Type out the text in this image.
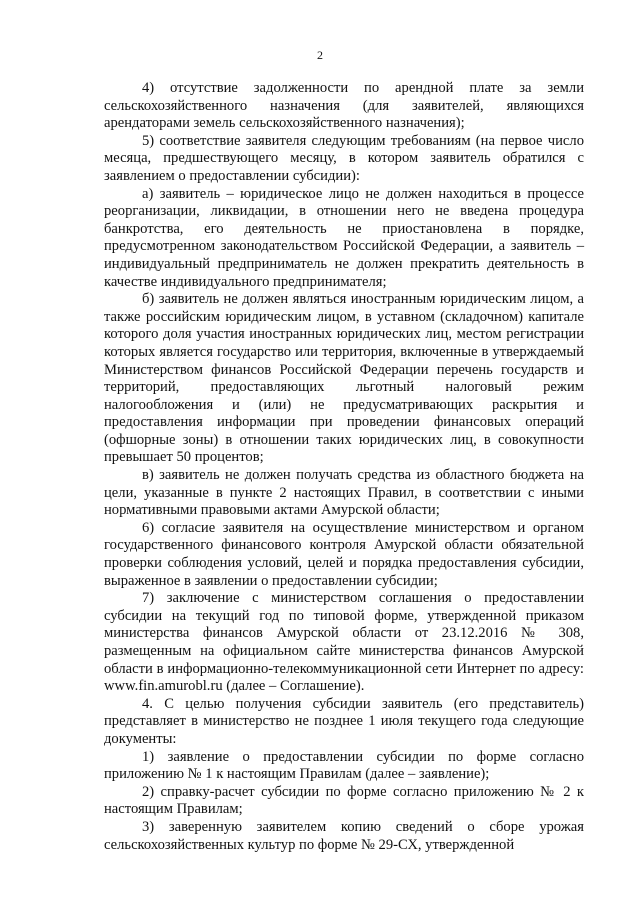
2

4) отсутствие задолженности по арендной плате за земли сельскохозяйственного назначения (для заявителей, являющихся арендаторами земель сельскохозяйственного назначения);

5) соответствие заявителя следующим требованиям (на первое число месяца, предшествующего месяцу, в котором заявитель обратился с заявлением о предоставлении субсидии):

а) заявитель – юридическое лицо не должен находиться в процессе реорганизации, ликвидации, в отношении него не введена процедура банкротства, его деятельность не приостановлена в порядке, предусмотренном законодательством Российской Федерации, а заявитель – индивидуальный предприниматель не должен прекратить деятельность в качестве индивидуального предпринимателя;

б) заявитель не должен являться иностранным юридическим лицом, а также российским юридическим лицом, в уставном (складочном) капитале которого доля участия иностранных юридических лиц, местом регистрации которых является государство или территория, включенные в утверждаемый Министерством финансов Российской Федерации перечень государств и территорий, предоставляющих льготный налоговый режим налогообложения и (или) не предусматривающих раскрытия и предоставления информации при проведении финансовых операций (офшорные зоны) в отношении таких юридических лиц, в совокупности превышает 50 процентов;

в) заявитель не должен получать средства из областного бюджета на цели, указанные в пункте 2 настоящих Правил, в соответствии с иными нормативными правовыми актами Амурской области;

6) согласие заявителя на осуществление министерством и органом государственного финансового контроля Амурской области обязательной проверки соблюдения условий, целей и порядка предоставления субсидии, выраженное в заявлении о предоставлении субсидии;

7) заключение с министерством соглашения о предоставлении субсидии на текущий год по типовой форме, утвержденной приказом министерства финансов Амурской области от 23.12.2016 № 308, размещенным на официальном сайте министерства финансов Амурской области в информационно-телекоммуникационной сети Интернет по адресу: www.fin.amurobl.ru (далее – Соглашение).

4. С целью получения субсидии заявитель (его представитель) представляет в министерство не позднее 1 июля текущего года следующие документы:

1) заявление о предоставлении субсидии по форме согласно приложению № 1 к настоящим Правилам (далее – заявление);

2) справку-расчет субсидии по форме согласно приложению № 2 к настоящим Правилам;

3) заверенную заявителем копию сведений о сборе урожая сельскохозяйственных культур по форме № 29-СХ, утвержденной
